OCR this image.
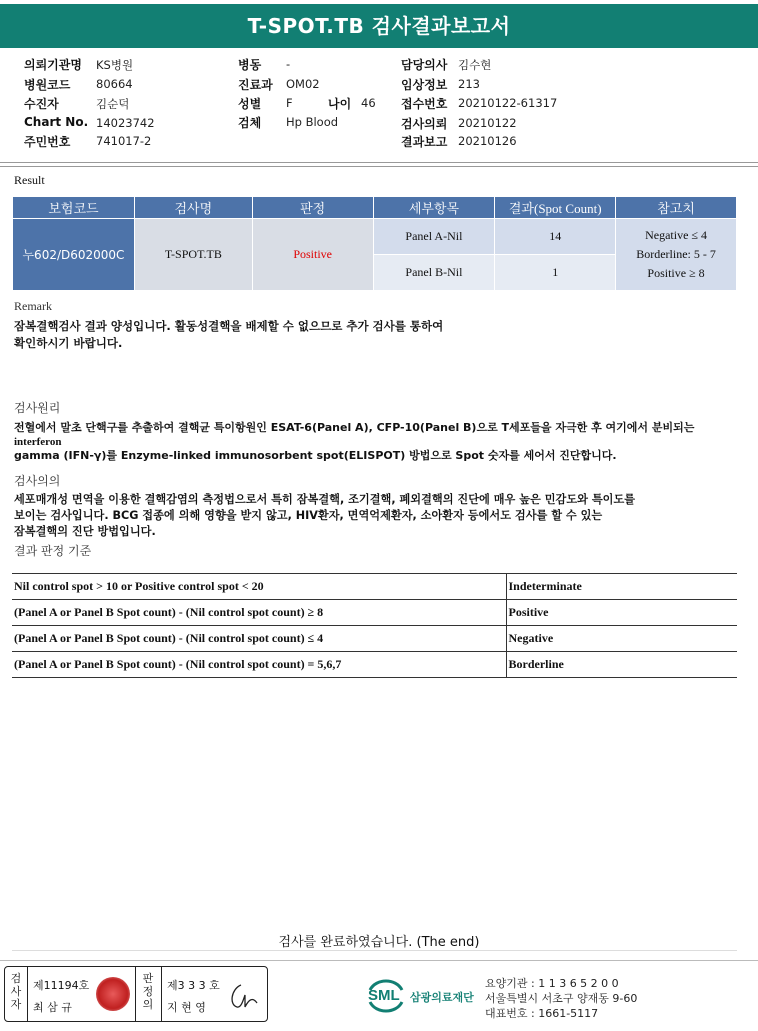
T-SPOT.TB 검사결과보고서
의뢰기관명 KS병원
병원코드 80664
수진자	김순덕
Chart No. 14023742
주민번호 741017-2
병동 -
진료과 OM02
성별 F	나이 46
검체 Hp Blood
담당의사 김수현
임상정보 213
접수번호 20210122-61317
검사의뢰 20210122
결과보고 20210126
Result
보험코드	검사명	판정	세부항목	결과(Spot Count)	참고치
누602/D602000C	T-SPOT.TB	Positive	Panel A-Nil	14	Negative ≤ 4
Borderline: 5 - 7
Positive ≥ 8

			Panel B-Nil	1	
Remark
잠복결핵검사 결과 양성입니다. 활동성결핵을 배제할 수 없으므로 추가 검사를 통하여
확인하시기 바랍니다.
검사원리
전혈에서 말초 단핵구를 추출하여 결핵균 특이항원인 ESAT-6(Panel A), CFP-10(Panel B)으로 T세포들을 자극한 후 여기에서 분비되는
interferon
gamma (IFN-γ)를 Enzyme-linked immunosorbent spot(ELISPOT) 방법으로 Spot 숫자를 세어서 진단합니다.
검사의의
세포매개성 면역을 이용한 결핵감염의 측정법으로서 특히 잠복결핵, 조기결핵, 폐외결핵의 진단에 매우 높은 민감도와 특이도를
보이는 검사입니다. BCG 접종에 의해 영향을 받지 않고, HIV환자, 면역억제환자, 소아환자 등에서도 검사를 할 수 있는
잠복결핵의 진단 방법입니다.
결과 판정 기준
Nil control spot > 10 or Positive control spot < 20	Indeterminate
(Panel A or Panel B Spot count) - (Nil control spot count) ≥ 8	Positive
(Panel A or Panel B Spot count) - (Nil control spot count) ≤ 4	Negative
(Panel A or Panel B Spot count) - (Nil control spot count) = 5,6,7	Borderline
검사를 완료하였습니다. (The end)
검
사
자
제11194호
최 삼 규
판
정
의
제3 3 3 호
지 현 영
SML 삼광의료재단
요양기관 : 1 1 3 6 5 2 0 0
서울특별시 서초구 양재동 9-60
대표번호 : 1661-5117
